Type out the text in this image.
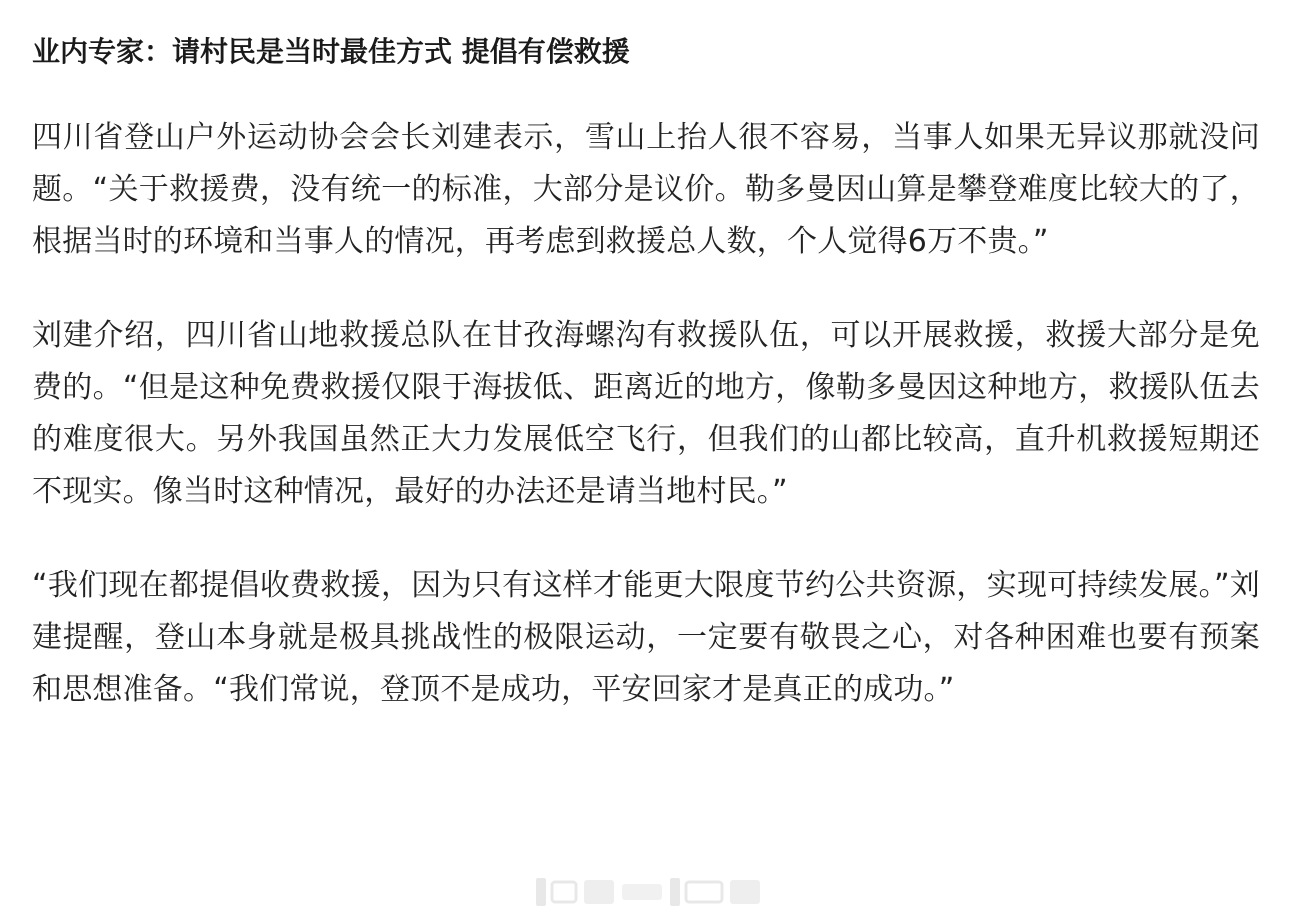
业内专家：请村民是当时最佳方式 提倡有偿救援

四川省登山户外运动协会会长刘建表示，雪山上抬人很不容易，当事人如果无异议那就没问题。“关于救援费，没有统一的标准，大部分是议价。勒多曼因山算是攀登难度比较大的了，根据当时的环境和当事人的情况，再考虑到救援总人数，个人觉得6万不贵。”

刘建介绍，四川省山地救援总队在甘孜海螺沟有救援队伍，可以开展救援，救援大部分是免费的。“但是这种免费救援仅限于海拔低、距离近的地方，像勒多曼因这种地方，救援队伍去的难度很大。另外我国虽然正大力发展低空飞行，但我们的山都比较高，直升机救援短期还不现实。像当时这种情况，最好的办法还是请当地村民。”

“我们现在都提倡收费救援，因为只有这样才能更大限度节约公共资源，实现可持续发展。”刘建提醒，登山本身就是极具挑战性的极限运动，一定要有敬畏之心，对各种困难也要有预案和思想准备。“我们常说，登顶不是成功，平安回家才是真正的成功。”
